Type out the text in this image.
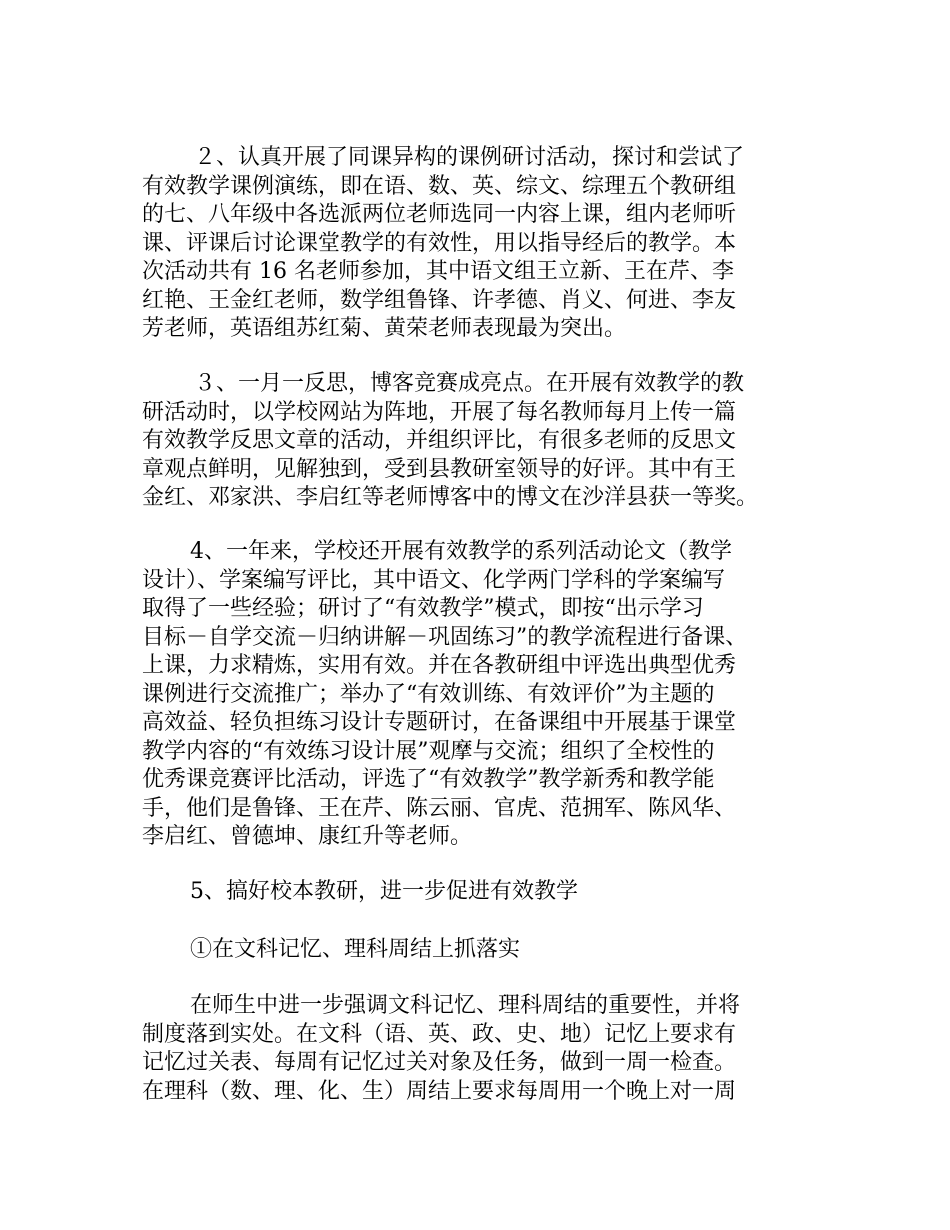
２、认真开展了同课异构的课例研讨活动，探讨和尝试了
有效教学课例演练，即在语、数、英、综文、综理五个教研组
的七、八年级中各选派两位老师选同一内容上课，组内老师听
课、评课后讨论课堂教学的有效性，用以指导经后的教学。本
次活动共有 16 名老师参加，其中语文组王立新、王在芹、李
红艳、王金红老师，数学组鲁锋、许孝德、肖义、何进、李友
芳老师，英语组苏红菊、黄荣老师表现最为突出。
３、一月一反思，博客竞赛成亮点。在开展有效教学的教
研活动时，以学校网站为阵地，开展了每名教师每月上传一篇
有效教学反思文章的活动，并组织评比，有很多老师的反思文
章观点鲜明，见解独到，受到县教研室领导的好评。其中有王
金红、邓家洪、李启红等老师博客中的博文在沙洋县获一等奖。
4、一年来，学校还开展有效教学的系列活动论文（教学
设计）、学案编写评比，其中语文、化学两门学科的学案编写
取得了一些经验；研讨了“有效教学”模式，即按“出示学习
目标－自学交流－归纳讲解－巩固练习”的教学流程进行备课、
上课，力求精炼，实用有效。并在各教研组中评选出典型优秀
课例进行交流推广；举办了“有效训练、有效评价”为主题的
高效益、轻负担练习设计专题研讨，在备课组中开展基于课堂
教学内容的“有效练习设计展”观摩与交流；组织了全校性的
优秀课竞赛评比活动，评选了“有效教学”教学新秀和教学能
手，他们是鲁锋、王在芹、陈云丽、官虎、范拥军、陈风华、
李启红、曾德坤、康红升等老师。
5、搞好校本教研，进一步促进有效教学
①在文科记忆、理科周结上抓落实
在师生中进一步强调文科记忆、理科周结的重要性，并将
制度落到实处。在文科（语、英、政、史、地）记忆上要求有
记忆过关表、每周有记忆过关对象及任务，做到一周一检查。
在理科（数、理、化、生）周结上要求每周用一个晚上对一周
